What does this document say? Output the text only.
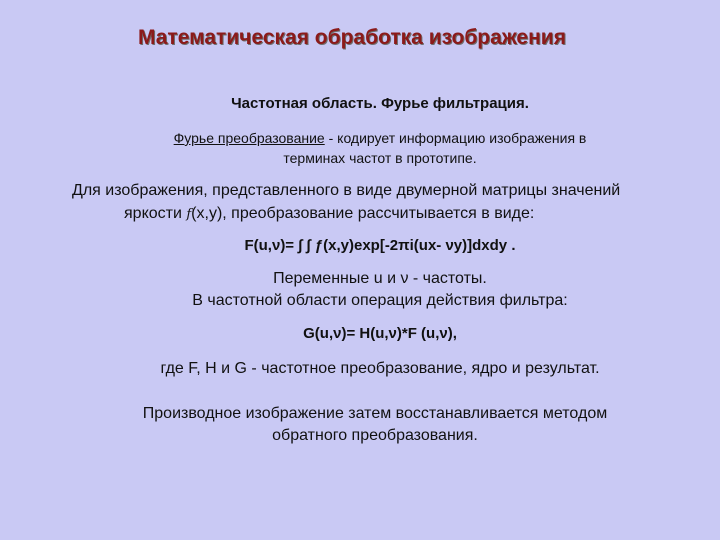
Математическая обработка изображения
Частотная область. Фурье фильтрация.
Фурье преобразование - кодирует информацию изображения в
терминах частот в прототипе.
Для изображения, представленного в виде двумерной матрицы значений
яркости f(x,y), преобразование рассчитывается в виде:
F(u,ν)= ∫ ∫ ƒ(x,y)exp[-2πi(ux- νy)]dxdy .
Переменные u и ν - частоты.
В частотной области операция действия фильтра:
G(u,ν)= H(u,ν)*F (u,ν),
где F, H и G - частотное преобразование, ядро и результат.
Производное изображение затем восстанавливается методом
обратного преобразования.
